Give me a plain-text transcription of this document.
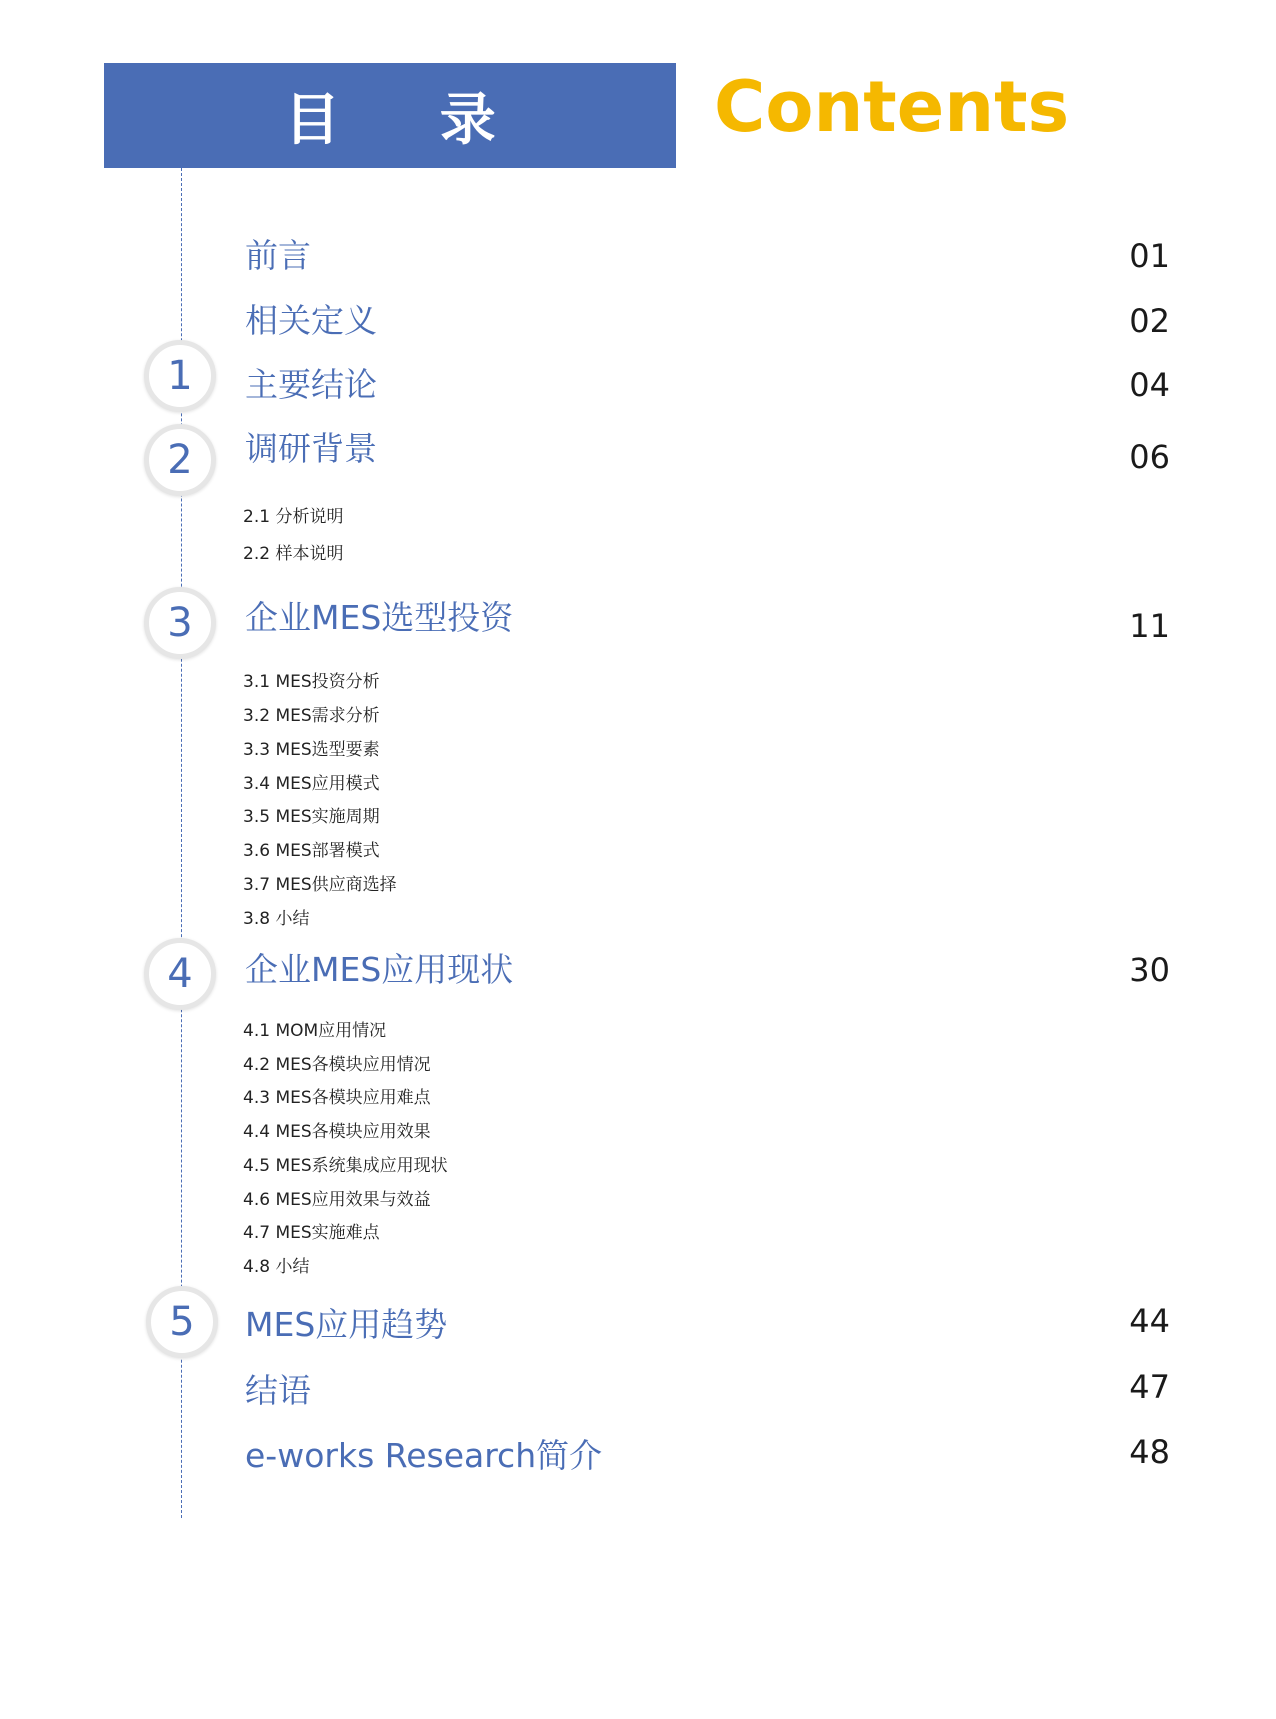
目 录	Contents
1
2
3
4
5
前言	01
相关定义	02
主要结论	04
调研背景	06
2.1 分析说明
2.2 样本说明
企业MES选型投资	11
3.1 MES投资分析
3.2 MES需求分析
3.3 MES选型要素
3.4 MES应用模式
3.5 MES实施周期
3.6 MES部署模式
3.7 MES供应商选择
3.8 小结
企业MES应用现状	30
4.1 MOM应用情况
4.2 MES各模块应用情况
4.3 MES各模块应用难点
4.4 MES各模块应用效果
4.5 MES系统集成应用现状
4.6 MES应用效果与效益
4.7 MES实施难点
4.8 小结
MES应用趋势	44
结语	47
e-works Research简介	48
